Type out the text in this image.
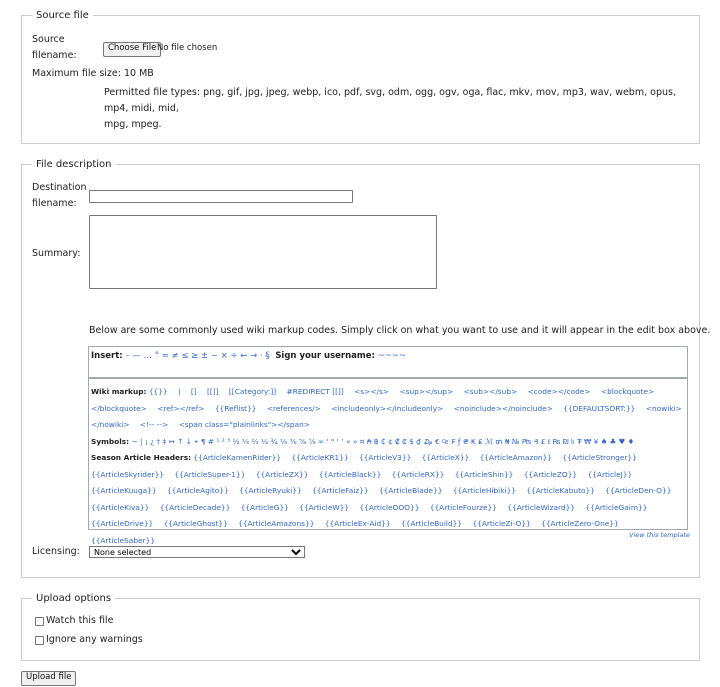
Source file
Source
filename:
Choose File No file chosen
Maximum file size: 10 MB
Permitted file types: png, gif, jpg, jpeg, webp, ico, pdf, svg, odm, ogg, ogv, oga, flac, mkv, mov, mp3, wav, webm, opus, mp4, midi, mid,
mpg, mpeg.
File description
Destination
filename:
Summary:
Below are some commonly used wiki markup codes. Simply click on what you want to use and it will appear in the edit box above.
Insert: – — … ° ≈ ≠ ≤ ≥ ± − × ÷ ← → · § Sign your username: ~~~~
Wiki markup: {{}} | [] [[]] [[Category:]] #REDIRECT [[]] <s></s> <sup></sup> <sub></sub> <code></code> <blockquote></blockquote> <ref></ref> {{Reflist}} <references/> <includeonly></includeonly> <noinclude></noinclude> {{DEFAULTSORT:}} <nowiki></nowiki> <!-- --> <span class="plainlinks"></span>
Symbols: ~ | ¡ ¿ † ‡ ↔ ↑ ↓ • ¶ # ¹ ² ³ ½ ⅓ ⅔ ¼ ¾ ⅛ ⅜ ⅝ ⅞ ∞ ' " ‘ ’ « » ¤ ₳ ฿ ₵ ¢ ₡ ₢ $ ₫ ₯ € ₠ ₣ ƒ ₴ ₭ ₤ ℳ ₥ ₦ № ₧ ₰ £ ៛ ₨ ₪ ৳ ₮ ₩ ¥ ♠ ♣ ♥ ♦
Season Article Headers: {{ArticleKamenRider}} {{ArticleKR1}} {{ArticleV3}} {{ArticleX}} {{ArticleAmazon}} {{ArticleStronger}} {{ArticleSkyrider}} {{ArticleSuper-1}} {{ArticleZX}} {{ArticleBlack}} {{ArticleRX}} {{ArticleShin}} {{ArticleZO}} {{ArticleJ}} {{ArticleKuuga}} {{ArticleAgito}} {{ArticleRyuki}} {{ArticleFaiz}} {{ArticleBlade}} {{ArticleHibiki}} {{ArticleKabuto}} {{ArticleDen-O}} {{ArticleKiva}} {{ArticleDecade}} {{ArticleG}} {{ArticleW}} {{ArticleOOO}} {{ArticleFourze}} {{ArticleWizard}} {{ArticleGaim}} {{ArticleDrive}} {{ArticleGhost}} {{ArticleAmazons}} {{ArticleEx-Aid}} {{ArticleBuild}} {{ArticleZi-O}} {{ArticleZero-One}} {{ArticleSaber}}
View this template
Licensing:
None selected
Upload options
Watch this file
Ignore any warnings
Upload file
